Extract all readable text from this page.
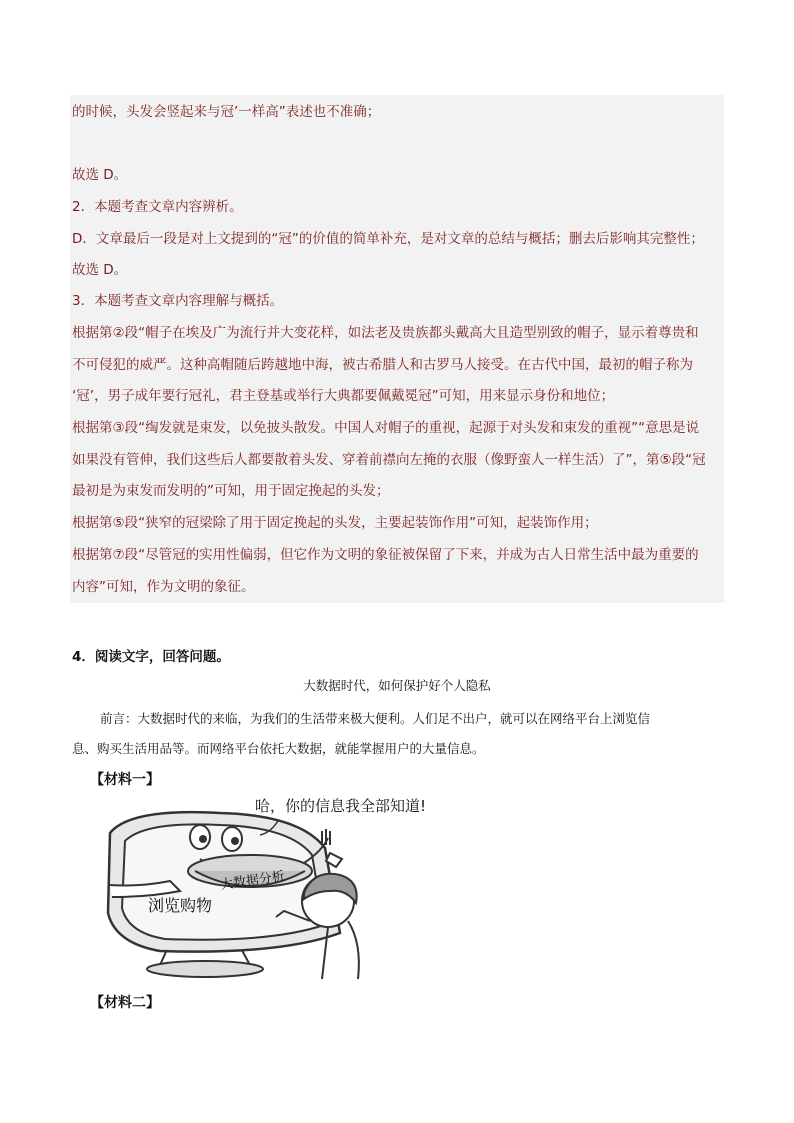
的时候，头发会竖起来与冠’一样高”表述也不准确；
故选 D。
2．本题考查文章内容辨析。
D．文章最后一段是对上文提到的“冠”的价值的简单补充，是对文章的总结与概括；删去后影响其完整性；
故选 D。
3．本题考查文章内容理解与概括。
根据第②段“帽子在埃及广为流行并大变花样，如法老及贵族都头戴高大且造型别致的帽子，显示着尊贵和
不可侵犯的威严。这种高帽随后跨越地中海，被古希腊人和古罗马人接受。在古代中国，最初的帽子称为
‘冠’，男子成年要行冠礼，君主登基或举行大典都要佩戴冕冠”可知，用来显示身份和地位；
根据第③段“绹发就是束发，以免披头散发。中国人对帽子的重视，起源于对头发和束发的重视”“意思是说
如果没有管伸，我们这些后人都要散着头发、穿着前襟向左掩的衣服（像野蛮人一样生活）了”，第⑤段“冠
最初是为束发而发明的”可知，用于固定挽起的头发；
根据第⑤段“狭窄的冠梁除了用于固定挽起的头发，主要起装饰作用”可知，起装饰作用；
根据第⑦段“尽管冠的实用性偏弱，但它作为文明的象征被保留了下来，并成为古人日常生活中最为重要的
内容”可知，作为文明的象征。
4．阅读文字，回答问题。
大数据时代，如何保护好个人隐私
前言：大数据时代的来临，为我们的生活带来极大便利。人们足不出户，就可以在网络平台上浏览信
息、购买生活用品等。而网络平台依托大数据，就能掌握用户的大量信息。
【材料一】
哈，你的信息我全部知道!
大数据分析
浏览购物
【材料二】
